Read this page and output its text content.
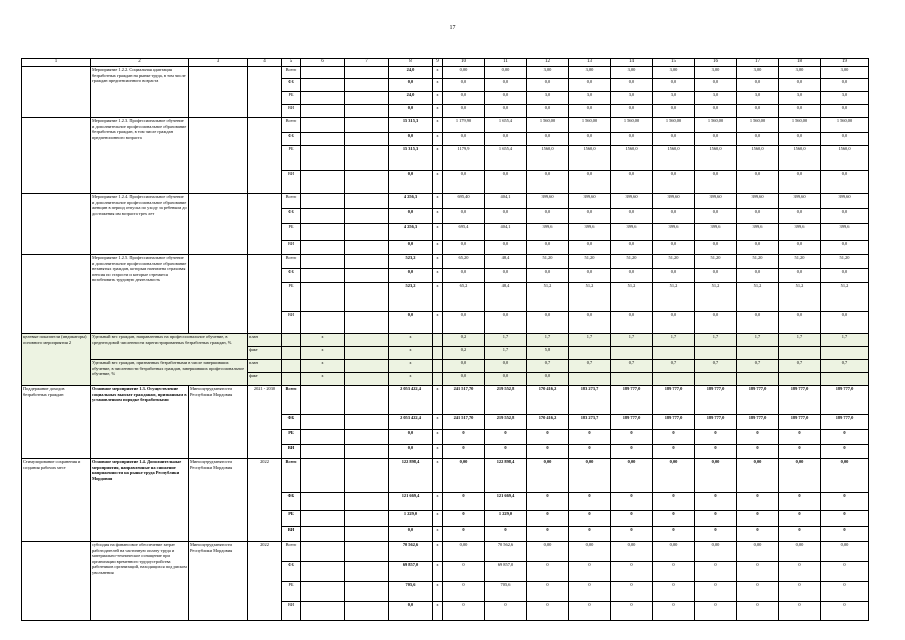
17
1	2	3	4	5	6	7	8	9	10	11	12	13	14	15	16	17	18	19
	Мероприятие 1.2.2. Социальная адаптация безработных граждан на рынке труда, в том числе граждан предпенсионного возраста			Всего			24,0	х	0,00	0,00	3,00	3,00	3,00	3,00	3,00	3,00	3,00	3,00
				ФБ			0,0	х	0,0	0,0	0,0	0,0	0,0	0,0	0,0	0,0	0,0	0,0
				РБ			24,0	х	0,0	0,0	3,0	3,0	3,0	3,0	3,0	3,0	3,0	3,0
				ВИ			0,0	х	0,0	0,0	0,0	0,0	0,0	0,0	0,0	0,0	0,0	0,0
	Мероприятие 1.2.3. Профессиональное обучение и дополнительное профессиональное образование безработных граждан, в том числе граждан предпенсионного возраста			Всего			15 315,3	х	1 179,90	1 655,4	1 560,00	1 560,00	1 560,00	1 560,00	1 560,00	1 560,00	1 560,00	1 560,00
				ФБ			0,0	х	0,0	0,0	0,0	0,0	0,0	0,0	0,0	0,0	0,0	0,0
				РБ			15 315,3	х	1179,9	1 655,4	1560,0	1560,0	1560,0	1560,0	1560,0	1560,0	1560,0	1560,0
				ВИ			0,0	х	0,0	0,0	0,0	0,0	0,0	0,0	0,0	0,0	0,0	0,0
	Мероприятие 1.2.4. Профессиональное обучение и дополнительное профессиональное образование женщин в период отпуска по уходу за ребенком до достижения им возраста трех лет			Всего			4 256,3	х	695,40	404,1	399,60	399,60	399,60	399,60	399,60	399,60	399,60	399,60
				ФБ			0,0	х	0,0	0,0	0,0	0,0	0,0	0,0	0,0	0,0	0,0	0,0
				РБ			4 256,3	х	695,4	404,1	399,6	399,6	399,6	399,6	399,6	399,6	399,6	399,6
				ВИ			0,0	х	0,0	0,0	0,0	0,0	0,0	0,0	0,0	0,0	0,0	0,0
	Мероприятие 1.2.5. Профессиональное обучение и дополнительное профессиональное образование незанятых граждан, которым назначена страховая пенсия по старости и которые стремятся возобновить трудовую деятельность			Всего			523,2	х	65,20	48,4	51,20	51,20	51,20	51,20	51,20	51,20	51,20	51,20
				ФБ			0,0	х	0,0	0,0	0,0	0,0	0,0	0,0	0,0	0,0	0,0	0,0
				РБ			523,2	х	65,2	48,4	51,2	51,2	51,2	51,2	51,2	51,2	51,2	51,2
				ВИ			0,0	х	0,0	0,0	0,0	0,0	0,0	0,0	0,0	0,0	0,0	0,0
целевые показатели (индикаторы) основного мероприятия 2	Удельный вес граждан, направленных на профессиональное обучение, в среднегодовой численности зарегистрированных безработных граждан, %		план		х		х		0,2	1,7	1,7	1,7	1,7	1,7	1,7	1,7	1,7	1,7
			факт		х		х		0,2	1,7	5,8							
	Удельный вес граждан, признанных безработными в числе завершивших обучение, в численности безработных граждан, завершивших профессиональное обучение, %		план		х		х		0,0	0,0	0,7	0,7	0,7	0,7	0,7	0,7	0,7	0,7
			факт		х		х		0,0	0,0	0,0							
Поддержание доходов безработных граждан	Основное мероприятие 1.3. Осуществление социальных выплат гражданам, признанным в установленном порядке безработными	Минсоцтрудзанятости Республики Мордовия	2021 - 2030	Всего			2 053 422,4	х	241 517,70	219 552,8	170 416,2	183 273,7	189 777,0	189 777,0	189 777,0	189 777,0	189 777,0	189 777,0
				ФБ			2 053 422,4	х	241 517,70	219 552,8	170 416,2	183 273,7	189 777,0	189 777,0	189 777,0	189 777,0	189 777,0	189 777,0
				РБ			0,0	х	0	0	0	0	0	0	0	0	0	0
				ВИ			0,0	х	0	0	0	0	0	0	0	0	0	0
Стимулирование сохранения и создания рабочих мест	Основное мероприятие 1.4. Дополнительные мероприятия, направленные на снижение напряженности на рынке труда Республики Мордовия	Минсоцтрудзанятости Республики Мордовия	2022	Всего			122 898,4	х	0,00	122 898,4	0,00	0,00	0,00	0,00	0,00	0,00	0,00	0,00
				ФБ			121 669,4	х	0	121 669,4	0	0	0	0	0	0	0	0
				РБ			1 229,0	х	0	1 229,0	0	0	0	0	0	0	0	0
				ВИ			0,0	х	0	0	0	0	0	0	0	0	0	0
	субсидия на финансовое обеспечение затрат работодателей на частичную оплату труда и материально-техническое оснащение при организации временного трудоустройства работников организаций, находящихся под риском увольнения	Минсоцтрудзанятости Республики Мордовия	2022	Всего			70 562,6	х	0,00	70 562,6	0,00	0,00	0,00	0,00	0,00	0,00	0,00	0,00
				ФБ			69 857,0	х	0	69 857,0	0	0	0	0	0	0	0	0
				РБ			705,6	х	0	705,6	0	0	0	0	0	0	0	0
				ВИ			0,0	х	0	0	0	0	0	0	0	0	0	0
